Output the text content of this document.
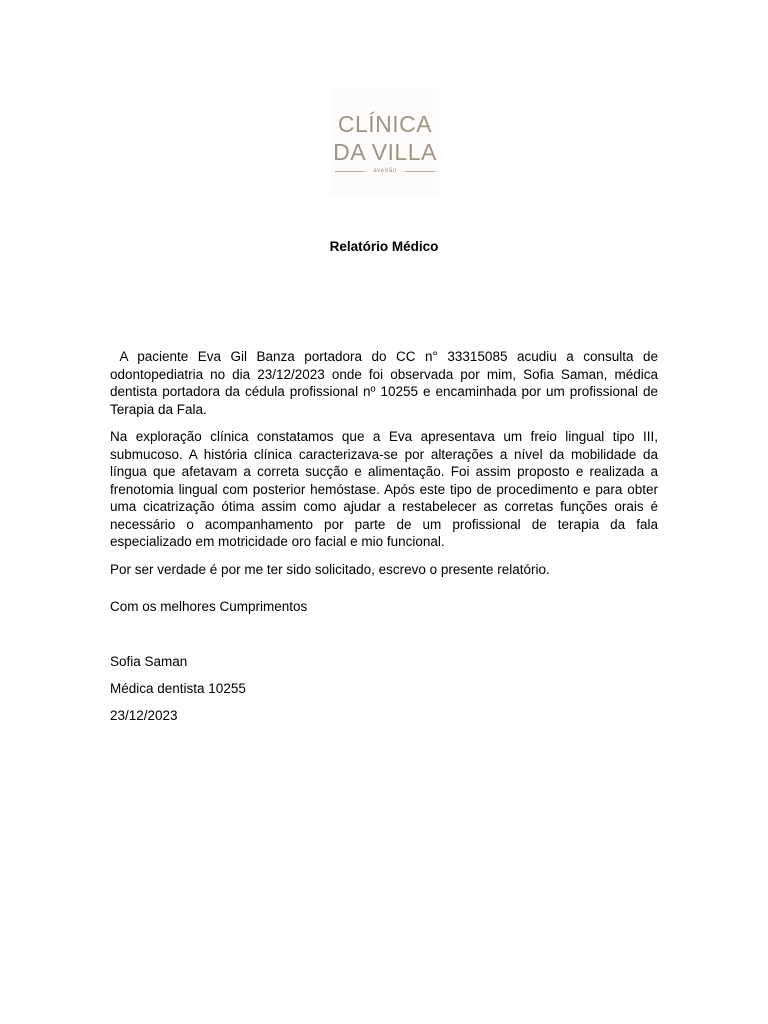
CLÍNICA
DA VILLA
aveirão
Relatório Médico

A paciente Eva Gil Banza portadora do CC n° 33315085 acudiu a consulta de odontopediatria no dia 23/12/2023 onde foi observada por mim, Sofia Saman, médica dentista portadora da cédula profissional nº 10255 e encaminhada por um profissional de Terapia da Fala.

Na exploração clínica constatamos que a Eva apresentava um freio lingual tipo III, submucoso. A história clínica caracterizava-se por alterações a nível da mobilidade da língua que afetavam a correta sucção e alimentação. Foi assim proposto e realizada a frenotomia lingual com posterior hemóstase. Após este tipo de procedimento e para obter uma cicatrização ótima assim como ajudar a restabelecer as corretas funções orais é necessário o acompanhamento por parte de um profissional de terapia da fala especializado em motricidade oro facial e mio funcional.

Por ser verdade é por me ter sido solicitado, escrevo o presente relatório.

Com os melhores Cumprimentos
Sofia Saman
Médica dentista 10255
23/12/2023
